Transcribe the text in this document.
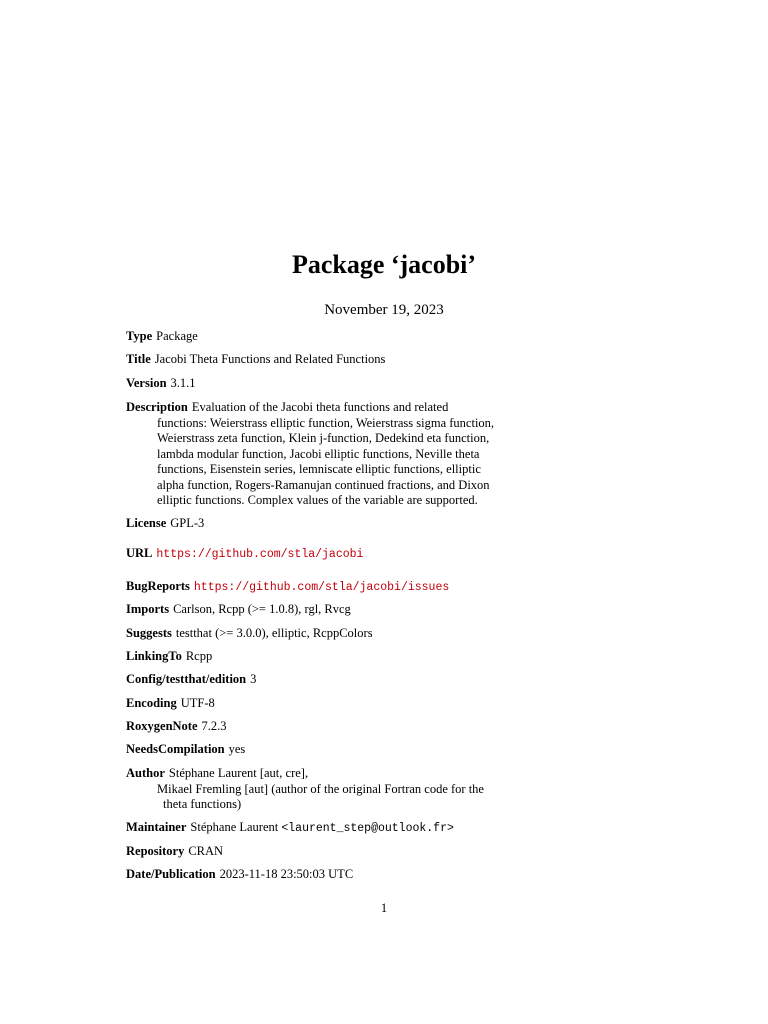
Package ‘jacobi’
November 19, 2023
Type Package
Title Jacobi Theta Functions and Related Functions
Version 3.1.1
Description Evaluation of the Jacobi theta functions and related
functions: Weierstrass elliptic function, Weierstrass sigma function,
Weierstrass zeta function, Klein j-function, Dedekind eta function,
lambda modular function, Jacobi elliptic functions, Neville theta
functions, Eisenstein series, lemniscate elliptic functions, elliptic
alpha function, Rogers-Ramanujan continued fractions, and Dixon
elliptic functions. Complex values of the variable are supported.
License GPL-3
URL https://github.com/stla/jacobi
BugReports https://github.com/stla/jacobi/issues
Imports Carlson, Rcpp (>= 1.0.8), rgl, Rvcg
Suggests testthat (>= 3.0.0), elliptic, RcppColors
LinkingTo Rcpp
Config/testthat/edition 3
Encoding UTF-8
RoxygenNote 7.2.3
NeedsCompilation yes
Author Stéphane Laurent [aut, cre],
Mikael Fremling [aut] (author of the original Fortran code for the
theta functions)
Maintainer Stéphane Laurent <laurent_step@outlook.fr>
Repository CRAN
Date/Publication 2023-11-18 23:50:03 UTC
1
